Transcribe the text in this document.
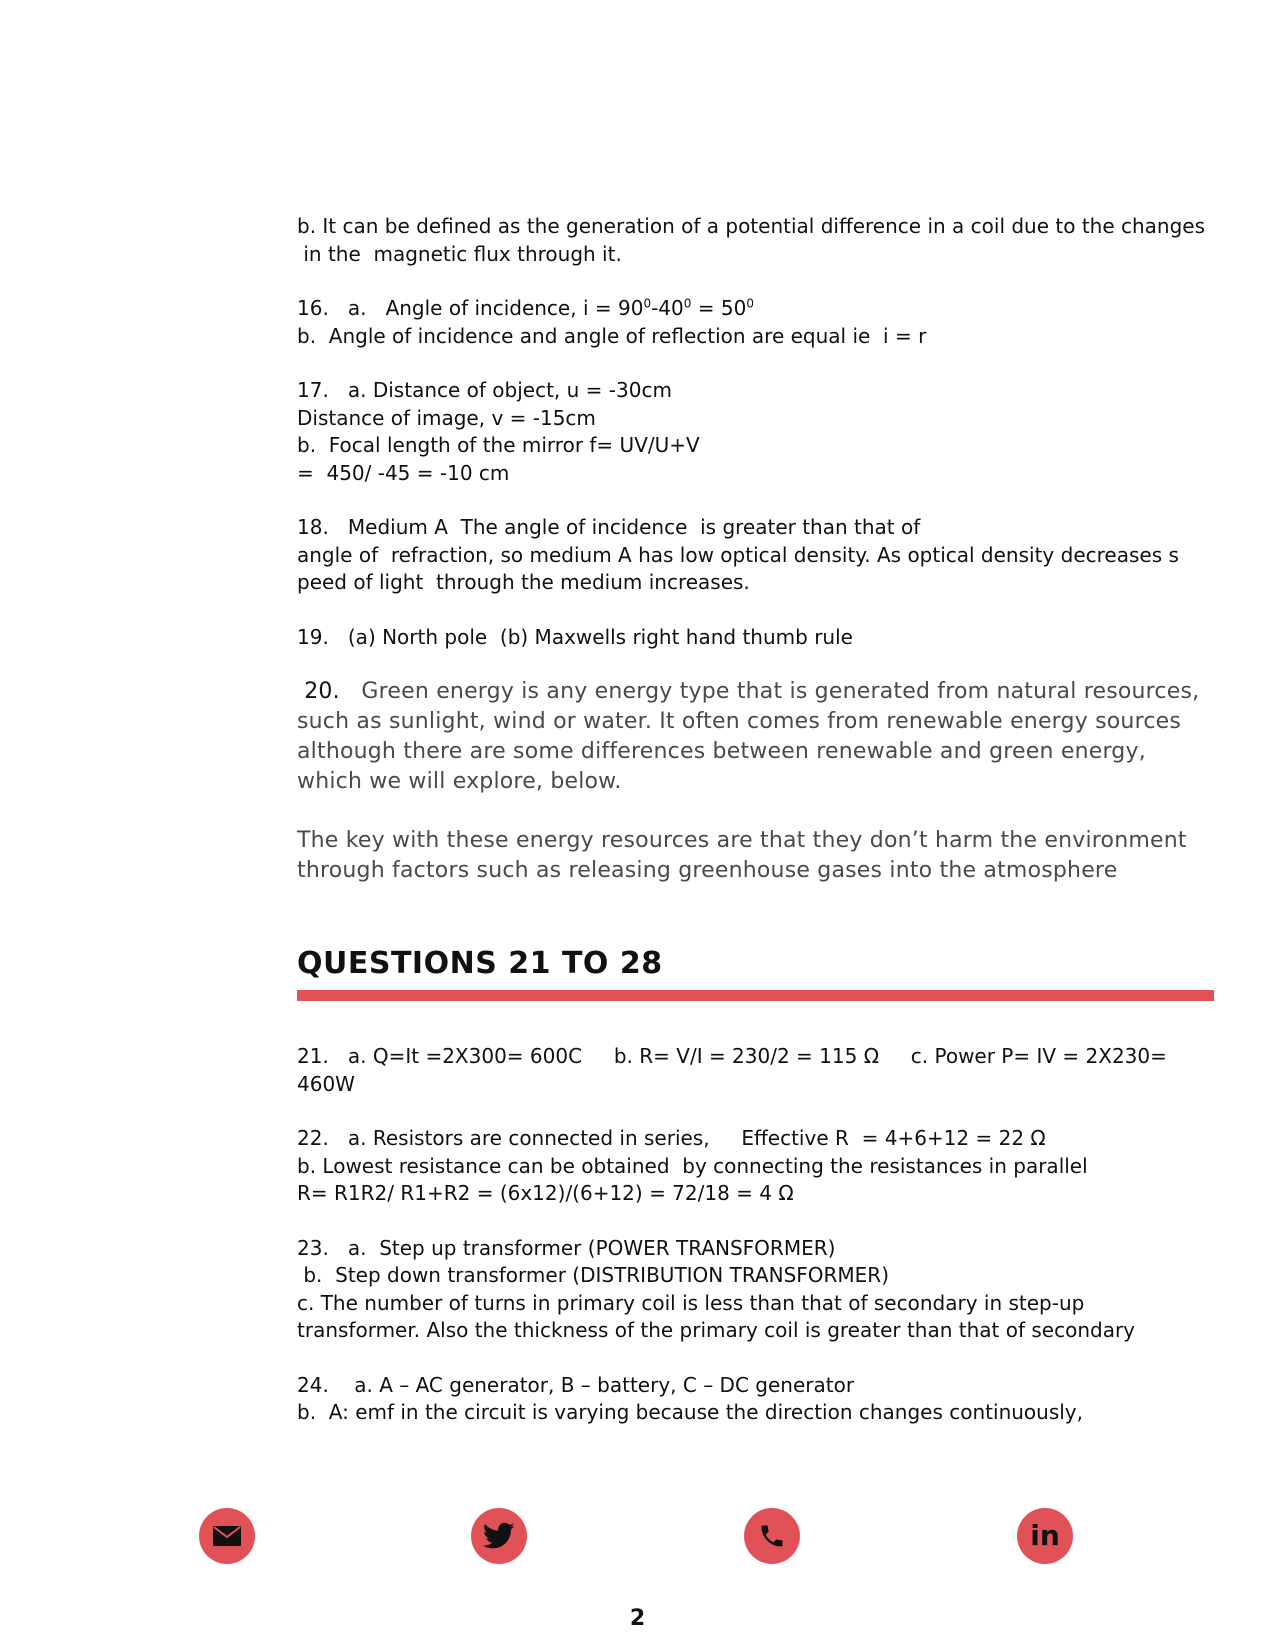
b. It can be defined as the generation of a potential difference in a coil due to the changes
in the  magnetic flux through it.

16.   a.   Angle of incidence, $i = 90^0-40^0 = 50^0$

b.  Angle of incidence and angle of reflection are equal ie  i = r

17.   a. Distance of object, u = -30cm

Distance of image, v = -15cm

b.  Focal length of the mirror f= UV/U+V

=  450/ -45 = -10 cm

18.   Medium A  The angle of incidence  is greater than that of

angle of  refraction, so medium A has low optical density. As optical density decreases s

peed of light  through the medium increases.

19.   (a) North pole  (b) Maxwells right hand thumb rule

20.   Green energy is any energy type that is generated from natural resources,
such as sunlight, wind or water. It often comes from renewable energy sources
although there are some differences between renewable and green energy,
which we will explore, below.

The key with these energy resources are that they don’t harm the environment
through factors such as releasing greenhouse gases into the atmosphere

QUESTIONS 21 TO 28

21.   a. Q=It =2X300= 600C     b. R= V/I = 230/2 = 115 Ω     c. Power P= IV = 2X230= 460W

22.   a. Resistors are connected in series,     Effective R  = 4+6+12 = 22 Ω

b. Lowest resistance can be obtained  by connecting the resistances in parallel

R= R1R2/ R1+R2 = (6x12)/(6+12) = 72/18 = 4 Ω

23.   a.  Step up transformer (POWER TRANSFORMER)

b.  Step down transformer (DISTRIBUTION TRANSFORMER)

c. The number of turns in primary coil is less than that of secondary in step-up

transformer. Also the thickness of the primary coil is greater than that of secondary

24.    a. A – AC generator, B – battery, C – DC generator

b.  A: emf in the circuit is varying because the direction changes continuously,

in
2
